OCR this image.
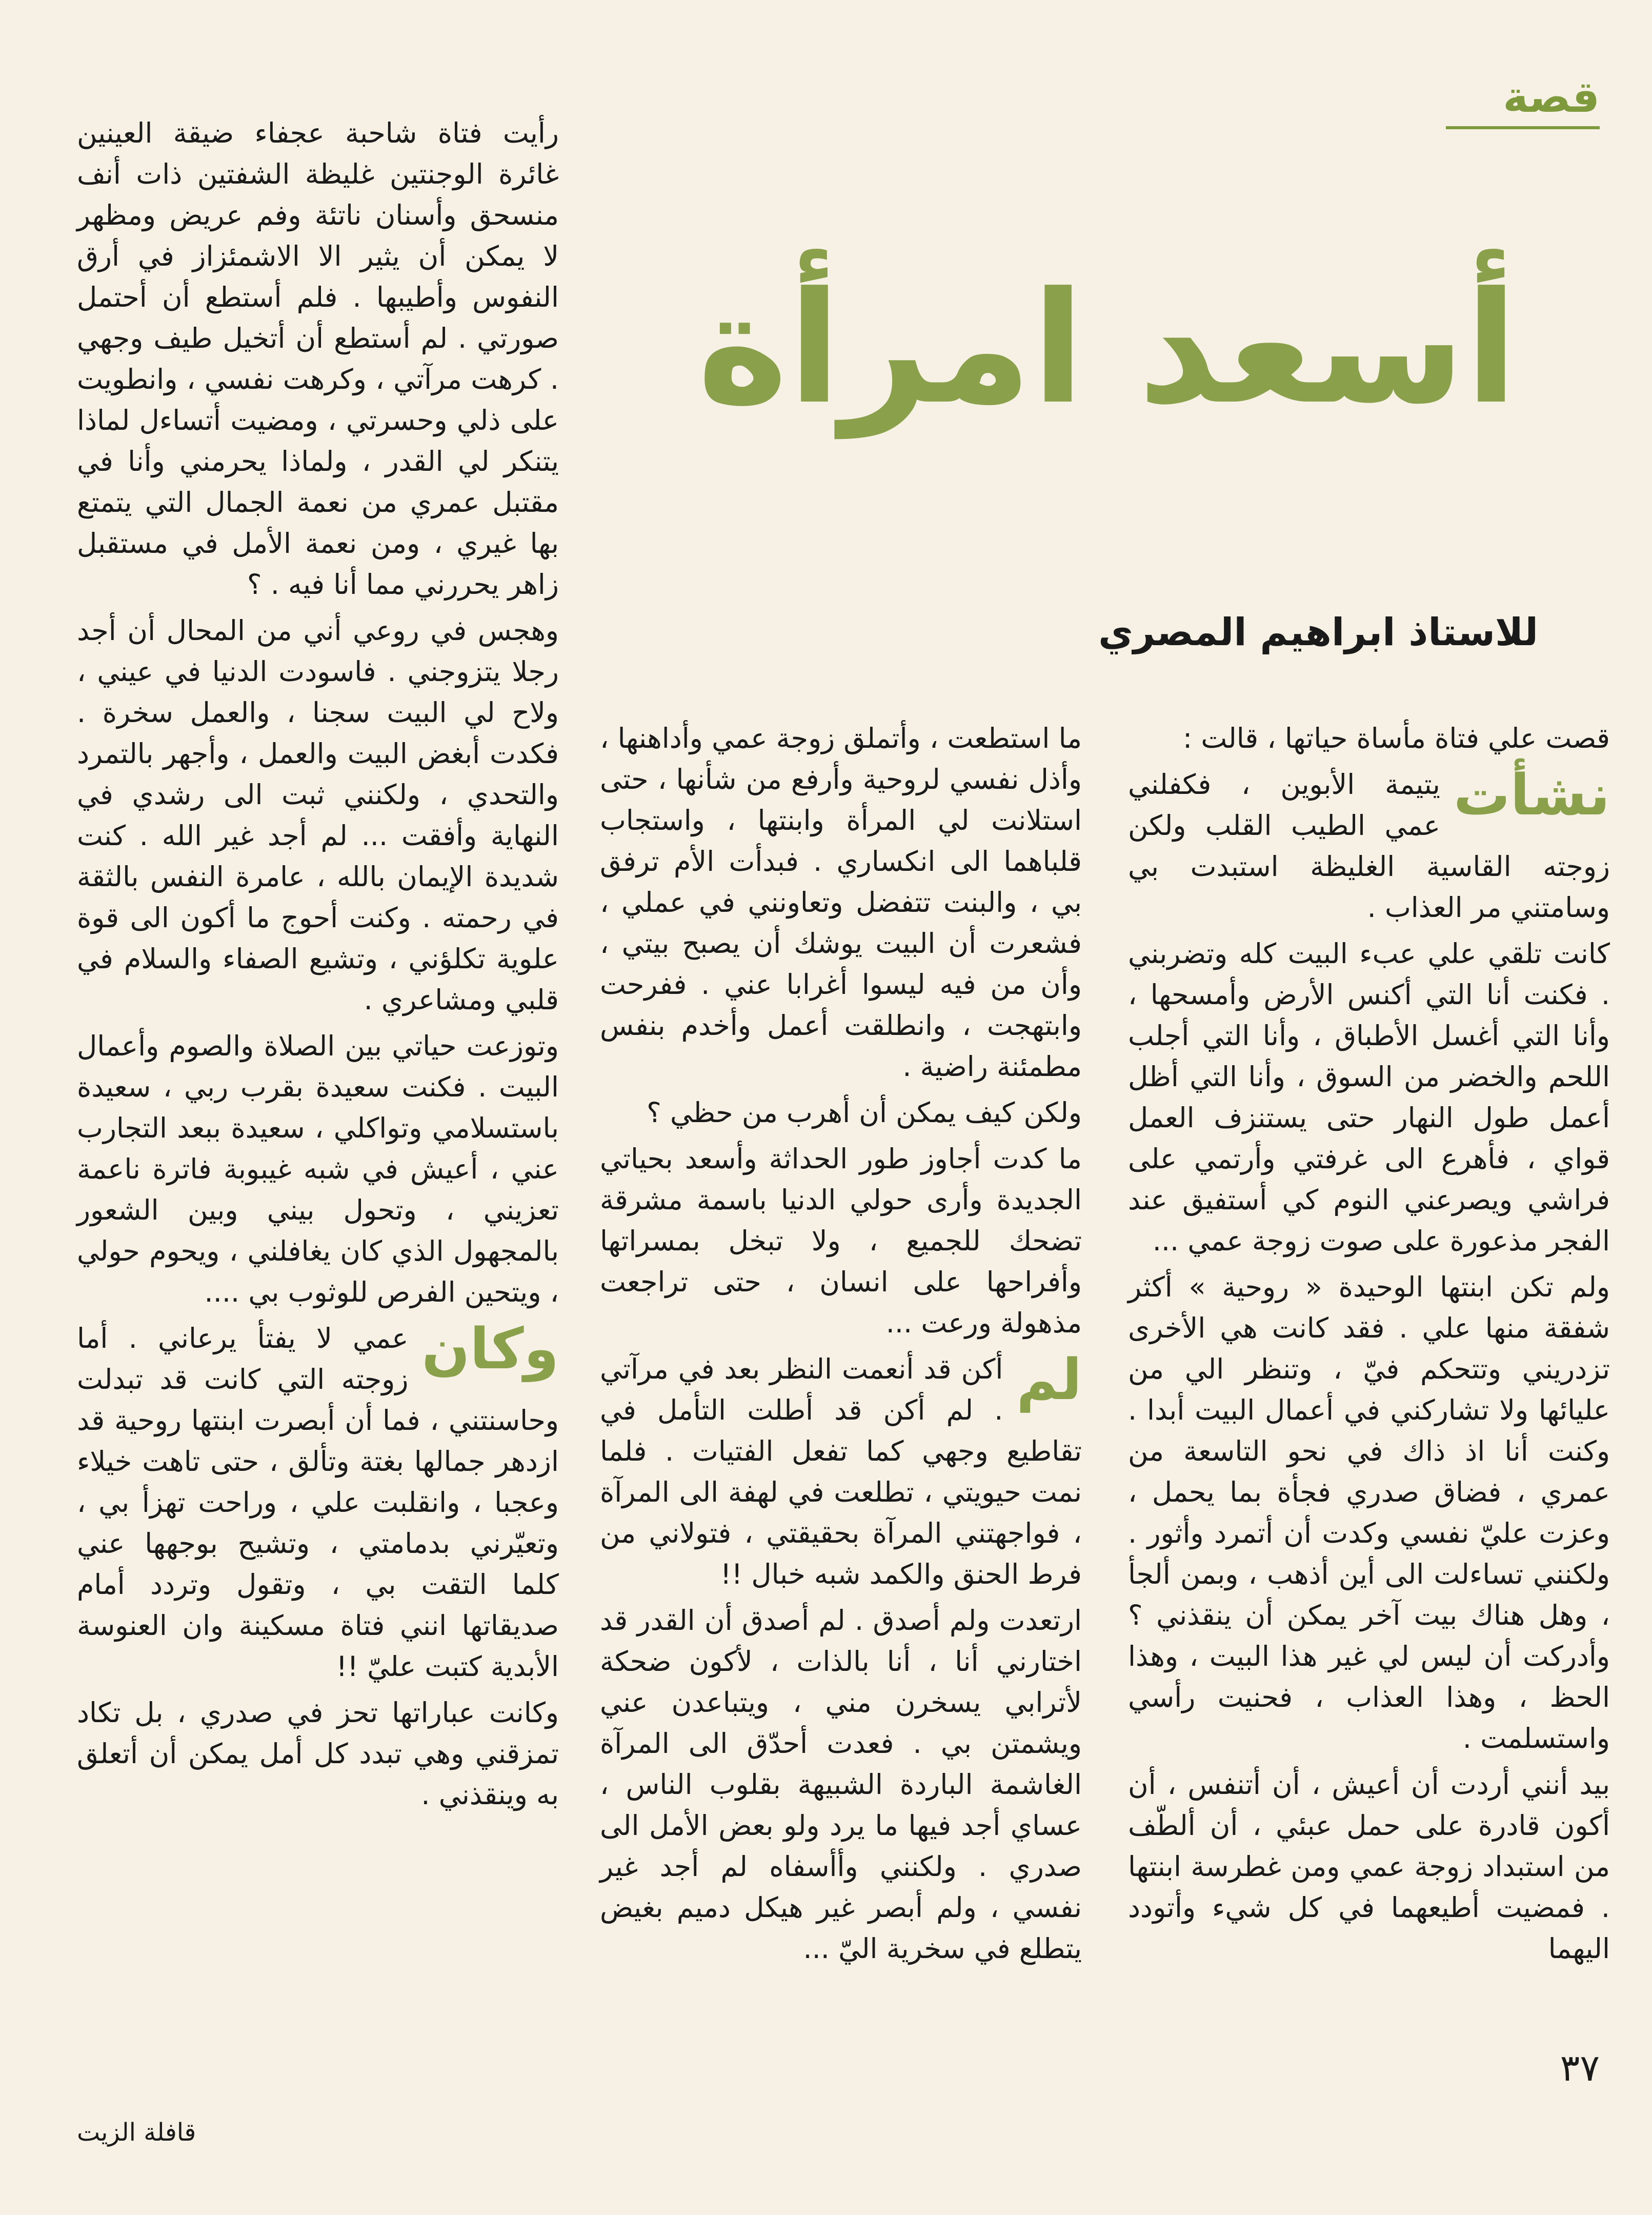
قصة
أسعد امرأة
للاستاذ ابراهيم المصري

قصت علي فتاة مأساة حياتها ، قالت :

نشأت
يتيمة الأبوين ، فكفلني عمي الطيب القلب ولكن زوجته القاسية الغليظة استبدت بي وسامتني مر العذاب .

كانت تلقي علي عبء البيت كله وتضربني . فكنت أنا التي أكنس الأرض وأمسحها ، وأنا التي أغسل الأطباق ، وأنا التي أجلب اللحم والخضر من السوق ، وأنا التي أظل أعمل طول النهار حتى يستنزف العمل قواي ، فأهرع الى غرفتي وأرتمي على فراشي ويصرعني النوم كي أستفيق عند الفجر مذعورة على صوت زوجة عمي ...

ولم تكن ابنتها الوحيدة « روحية » أكثر شفقة منها علي . فقد كانت هي الأخرى تزدريني وتتحكم فيّ ، وتنظر الي من عليائها ولا تشاركني في أعمال البيت أبدا . وكنت أنا اذ ذاك في نحو التاسعة من عمري ، فضاق صدري فجأة بما يحمل ، وعزت عليّ نفسي وكدت أن أتمرد وأثور . ولكنني تساءلت الى أين أذهب ، وبمن ألجأ ، وهل هناك بيت آخر يمكن أن ينقذني ؟ وأدركت أن ليس لي غير هذا البيت ، وهذا الحظ ، وهذا العذاب ، فحنيت رأسي واستسلمت .

بيد أنني أردت أن أعيش ، أن أتنفس ، أن أكون قادرة على حمل عبئي ، أن ألطّف من استبداد زوجة عمي ومن غطرسة ابنتها . فمضيت أطيعهما في كل شيء وأتودد اليهما

ما استطعت ، وأتملق زوجة عمي وأداهنها ، وأذل نفسي لروحية وأرفع من شأنها ، حتى استلانت لي المرأة وابنتها ، واستجاب قلباهما الى انكساري . فبدأت الأم ترفق بي ، والبنت تتفضل وتعاونني في عملي ، فشعرت أن البيت يوشك أن يصبح بيتي ، وأن من فيه ليسوا أغرابا عني . ففرحت وابتهجت ، وانطلقت أعمل وأخدم بنفس مطمئنة راضية .

ولكن كيف يمكن أن أهرب من حظي ؟

ما كدت أجاوز طور الحداثة وأسعد بحياتي الجديدة وأرى حولي الدنيا باسمة مشرقة تضحك للجميع ، ولا تبخل بمسراتها وأفراحها على انسان ، حتى تراجعت مذهولة ورعت ...

لم
أكن قد أنعمت النظر بعد في مرآتي . لم أكن قد أطلت التأمل في تقاطيع وجهي كما تفعل الفتيات . فلما نمت حيويتي ، تطلعت في لهفة الى المرآة ، فواجهتني المرآة بحقيقتي ، فتولاني من فرط الحنق والكمد شبه خبال !!

ارتعدت ولم أصدق . لم أصدق أن القدر قد اختارني أنا ، أنا بالذات ، لأكون ضحكة لأترابي يسخرن مني ، ويتباعدن عني ويشمتن بي . فعدت أحدّق الى المرآة الغاشمة الباردة الشبيهة بقلوب الناس ، عساي أجد فيها ما يرد ولو بعض الأمل الى صدري . ولكنني وأأسفاه لم أجد غير نفسي ، ولم أبصر غير هيكل دميم بغيض يتطلع في سخرية اليّ ...

رأيت فتاة شاحبة عجفاء ضيقة العينين غائرة الوجنتين غليظة الشفتين ذات أنف منسحق وأسنان ناتئة وفم عريض ومظهر لا يمكن أن يثير الا الاشمئزاز في أرق النفوس وأطيبها . فلم أستطع أن أحتمل صورتي . لم أستطع أن أتخيل طيف وجهي . كرهت مرآتي ، وكرهت نفسي ، وانطويت على ذلي وحسرتي ، ومضيت أتساءل لماذا يتنكر لي القدر ، ولماذا يحرمني وأنا في مقتبل عمري من نعمة الجمال التي يتمتع بها غيري ، ومن نعمة الأمل في مستقبل زاهر يحررني مما أنا فيه . ؟

وهجس في روعي أني من المحال أن أجد رجلا يتزوجني . فاسودت الدنيا في عيني ، ولاح لي البيت سجنا ، والعمل سخرة . فكدت أبغض البيت والعمل ، وأجهر بالتمرد والتحدي ، ولكنني ثبت الى رشدي في النهاية وأفقت ... لم أجد غير الله . كنت شديدة الإيمان بالله ، عامرة النفس بالثقة في رحمته . وكنت أحوج ما أكون الى قوة علوية تكلؤني ، وتشيع الصفاء والسلام في قلبي ومشاعري .

وتوزعت حياتي بين الصلاة والصوم وأعمال البيت . فكنت سعيدة بقرب ربي ، سعيدة باستسلامي وتواكلي ، سعيدة ببعد التجارب عني ، أعيش في شبه غيبوبة فاترة ناعمة تعزيني ، وتحول بيني وبين الشعور بالمجهول الذي كان يغافلني ، ويحوم حولي ، ويتحين الفرص للوثوب بي ....

وكان
عمي لا يفتأ يرعاني . أما زوجته التي كانت قد تبدلت وحاسنتني ، فما أن أبصرت ابنتها روحية قد ازدهر جمالها بغتة وتألق ، حتى تاهت خيلاء وعجبا ، وانقلبت علي ، وراحت تهزأ بي ، وتعيّرني بدمامتي ، وتشيح بوجهها عني كلما التقت بي ، وتقول وتردد أمام صديقاتها انني فتاة مسكينة وان العنوسة الأبدية كتبت عليّ !!

وكانت عباراتها تحز في صدري ، بل تكاد تمزقني وهي تبدد كل أمل يمكن أن أتعلق به وينقذني .

٣٧
قافلة الزيت
